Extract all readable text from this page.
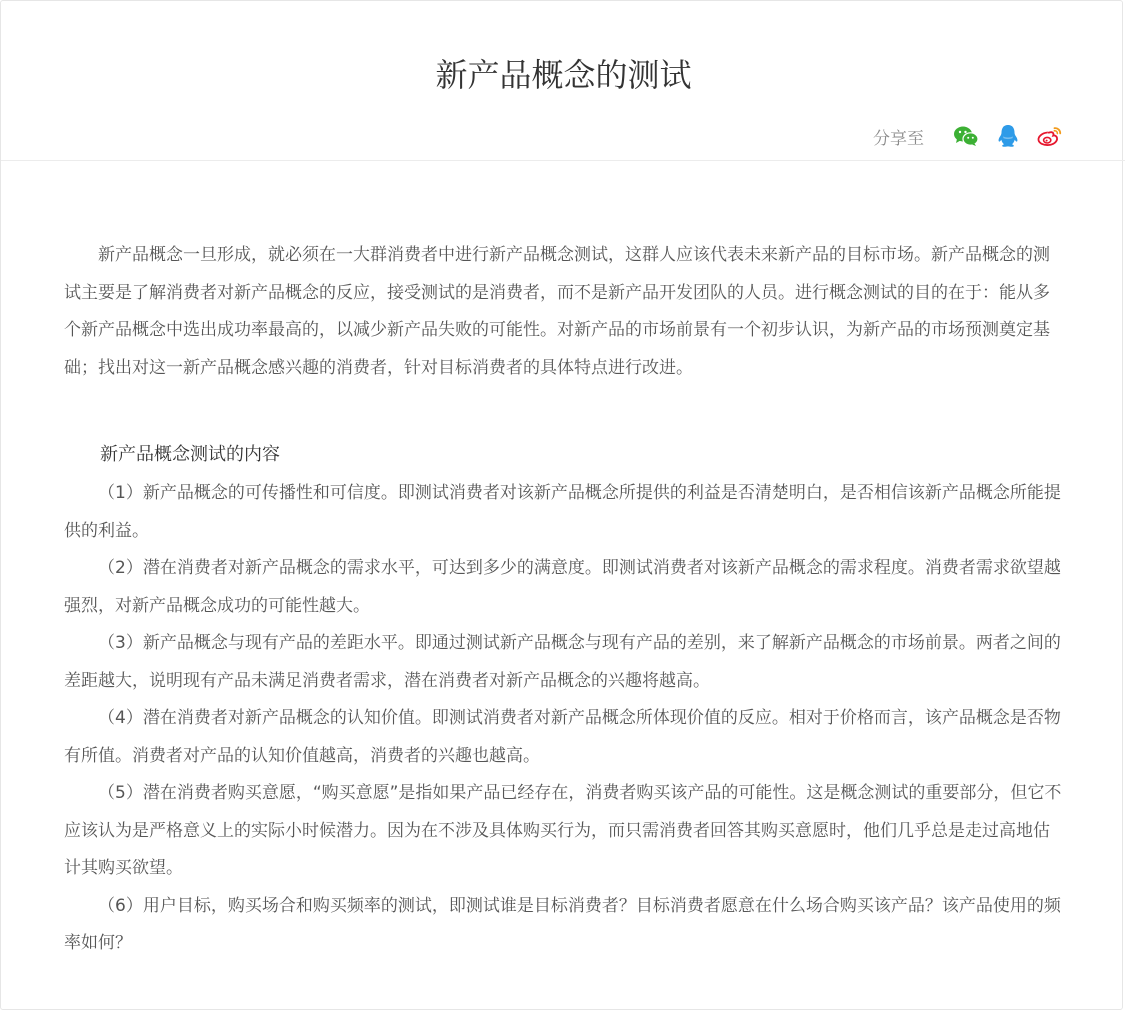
新产品概念的测试
分享至

新产品概念一旦形成，就必须在一大群消费者中进行新产品概念测试，这群人应该代表未来新产品的目标市场。新产品概念的测试主要是了解消费者对新产品概念的反应，接受测试的是消费者，而不是新产品开发团队的人员。进行概念测试的目的在于：能从多个新产品概念中选出成功率最高的，以减少新产品失败的可能性。对新产品的市场前景有一个初步认识，为新产品的市场预测奠定基础；找出对这一新产品概念感兴趣的消费者，针对目标消费者的具体特点进行改进。

新产品概念测试的内容

（1）新产品概念的可传播性和可信度。即测试消费者对该新产品概念所提供的利益是否清楚明白，是否相信该新产品概念所能提供的利益。

（2）潜在消费者对新产品概念的需求水平，可达到多少的满意度。即测试消费者对该新产品概念的需求程度。消费者需求欲望越强烈，对新产品概念成功的可能性越大。

（3）新产品概念与现有产品的差距水平。即通过测试新产品概念与现有产品的差别，来了解新产品概念的市场前景。两者之间的差距越大，说明现有产品未满足消费者需求，潜在消费者对新产品概念的兴趣将越高。

（4）潜在消费者对新产品概念的认知价值。即测试消费者对新产品概念所体现价值的反应。相对于价格而言，该产品概念是否物有所值。消费者对产品的认知价值越高，消费者的兴趣也越高。

（5）潜在消费者购买意愿，“购买意愿”是指如果产品已经存在，消费者购买该产品的可能性。这是概念测试的重要部分，但它不应该认为是严格意义上的实际小时候潜力。因为在不涉及具体购买行为，而只需消费者回答其购买意愿时，他们几乎总是走过高地估计其购买欲望。

（6）用户目标，购买场合和购买频率的测试，即测试谁是目标消费者？目标消费者愿意在什么场合购买该产品？该产品使用的频率如何？
